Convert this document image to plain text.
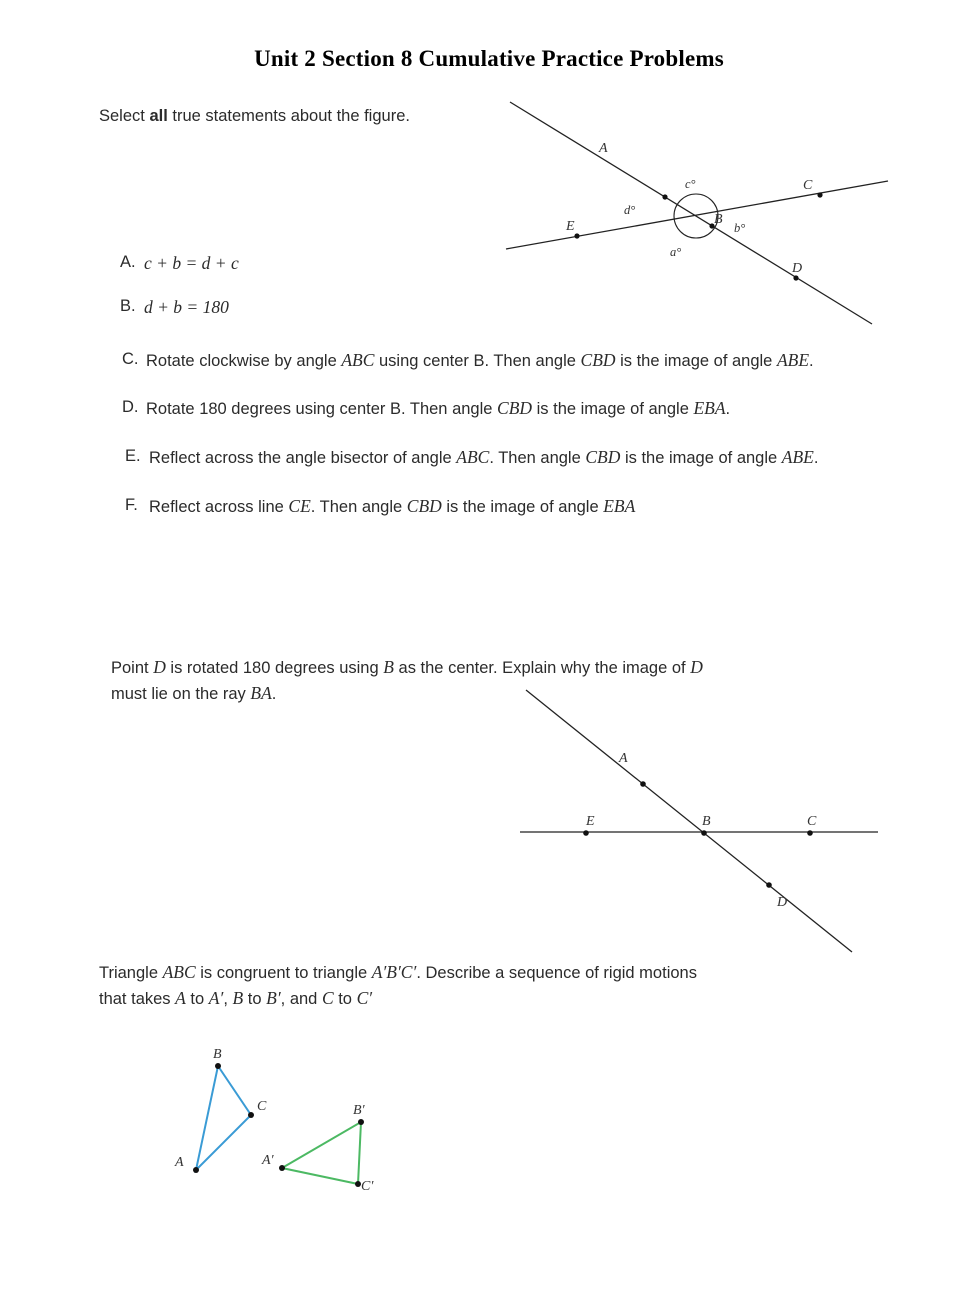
Unit 2 Section 8 Cumulative Practice Problems
Select all true statements about the figure.
A
B
C
D
E
c°
d°
b°
a°
A. c + b = d + c
B. d + b = 180
C. Rotate clockwise by angle ABC using center B. Then angle CBD is the image of angle ABE.
D. Rotate 180 degrees using center B. Then angle CBD is the image of angle EBA.
E. Reflect across the angle bisector of angle ABC. Then angle CBD is the image of angle ABE.
F. Reflect across line CE. Then angle CBD is the image of angle EBA
Point D is rotated 180 degrees using B as the center. Explain why the image of D
must lie on the ray BA.
A
B	C
D
E
Triangle ABC is congruent to triangle A′B′C′. Describe a sequence of rigid motions
that takes A to A′, B to B′, and C to C′
A
B
C
A′
B′
C′
